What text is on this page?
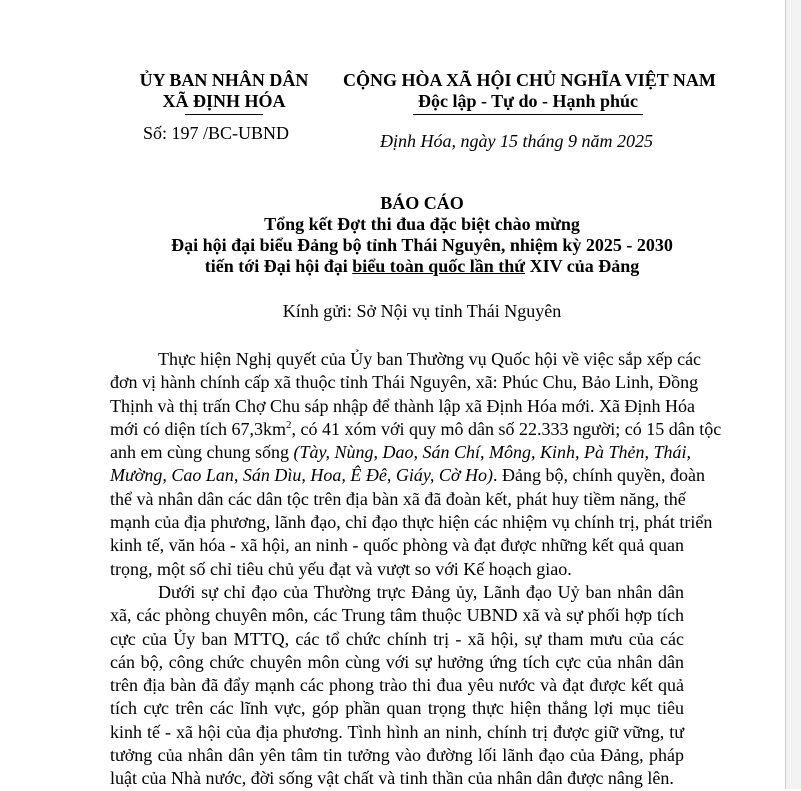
ỦY BAN NHÂN DÂN
XÃ ĐỊNH HÓA
Số: 197 /BC-UBND
CỘNG HÒA XÃ HỘI CHỦ NGHĨA VIỆT NAM
Độc lập - Tự do - Hạnh phúc
Định Hóa, ngày 15 tháng 9 năm 2025
BÁO CÁO
Tổng kết Đợt thi đua đặc biệt chào mừng
Đại hội đại biểu Đảng bộ tỉnh Thái Nguyên, nhiệm kỳ 2025 - 2030
tiến tới Đại hội đại biểu toàn quốc lần thứ XIV của Đảng
Kính gửi: Sở Nội vụ tỉnh Thái Nguyên
Thực hiện Nghị quyết của Ủy ban Thường vụ Quốc hội về việc sắp xếp các
đơn vị hành chính cấp xã thuộc tỉnh Thái Nguyên, xã: Phúc Chu, Bảo Linh, Đồng
Thịnh và thị trấn Chợ Chu sáp nhập để thành lập xã Định Hóa mới. Xã Định Hóa
mới có diện tích $67,3km^2$, có 41 xóm với quy mô dân số 22.333 người; có 15 dân tộc
anh em cùng chung sống (Tày, Nùng, Dao, Sán Chí, Mông, Kinh, Pà Thẻn, Thái,
Mường, Cao Lan, Sán Dìu, Hoa, Ê Đê, Giáy, Cờ Ho). Đảng bộ, chính quyền, đoàn
thể và nhân dân các dân tộc trên địa bàn xã đã đoàn kết, phát huy tiềm năng, thế
mạnh của địa phương, lãnh đạo, chỉ đạo thực hiện các nhiệm vụ chính trị, phát triển
kinh tế, văn hóa - xã hội, an ninh - quốc phòng và đạt được những kết quả quan
trọng, một số chỉ tiêu chủ yếu đạt và vượt so với Kế hoạch giao.
Dưới sự chỉ đạo của Thường trực Đảng ủy, Lãnh đạo Uỷ ban nhân dân
xã, các phòng chuyên môn, các Trung tâm thuộc UBND xã và sự phối hợp tích
cực của Ủy ban MTTQ, các tổ chức chính trị - xã hội, sự tham mưu của các
cán bộ, công chức chuyên môn cùng với sự hưởng ứng tích cực của nhân dân
trên địa bàn đã đẩy mạnh các phong trào thi đua yêu nước và đạt được kết quả
tích cực trên các lĩnh vực, góp phần quan trọng thực hiện thắng lợi mục tiêu
kinh tế - xã hội của địa phương. Tình hình an ninh, chính trị được giữ vững, tư
tưởng của nhân dân yên tâm tin tưởng vào đường lối lãnh đạo của Đảng, pháp
luật của Nhà nước, đời sống vật chất và tinh thần của nhân dân được nâng lên.
